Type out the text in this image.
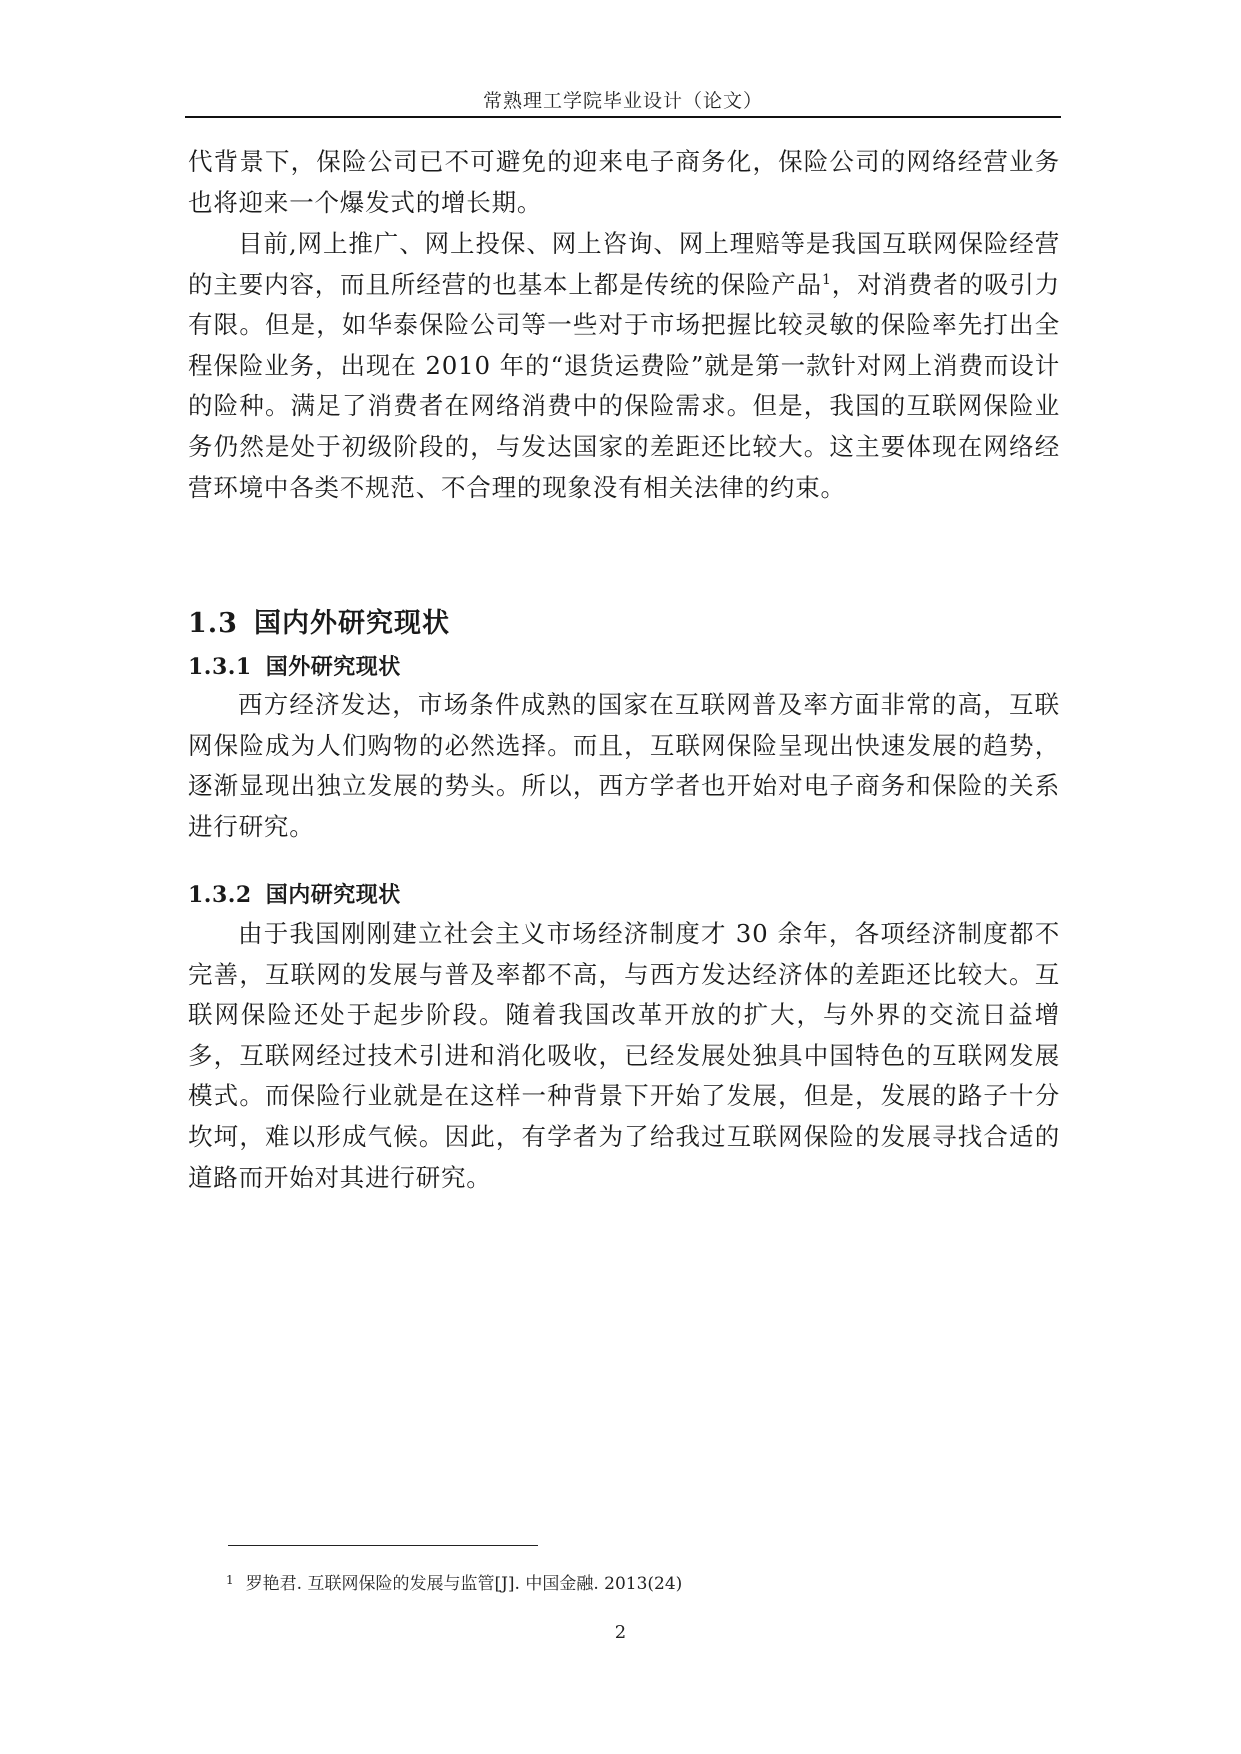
常熟理工学院毕业设计（论文）

代背景下，保险公司已不可避免的迎来电子商务化，保险公司的网络经营业务也将迎来一个爆发式的增长期。

目前,网上推广、网上投保、网上咨询、网上理赔等是我国互联网保险经营的主要内容，而且所经营的也基本上都是传统的保险产品$^1$，对消费者的吸引力有限。但是，如华泰保险公司等一些对于市场把握比较灵敏的保险率先打出全程保险业务，出现在 2010 年的“退货运费险”就是第一款针对网上消费而设计的险种。满足了消费者在网络消费中的保险需求。但是，我国的互联网保险业务仍然是处于初级阶段的，与发达国家的差距还比较大。这主要体现在网络经营环境中各类不规范、不合理的现象没有相关法律的约束。

1.3 国内外研究现状
1.3.1 国外研究现状

西方经济发达，市场条件成熟的国家在互联网普及率方面非常的高，互联网保险成为人们购物的必然选择。而且，互联网保险呈现出快速发展的趋势，逐渐显现出独立发展的势头。所以，西方学者也开始对电子商务和保险的关系进行研究。

1.3.2 国内研究现状

由于我国刚刚建立社会主义市场经济制度才 30 余年，各项经济制度都不完善，互联网的发展与普及率都不高，与西方发达经济体的差距还比较大。互联网保险还处于起步阶段。随着我国改革开放的扩大，与外界的交流日益增多，互联网经过技术引进和消化吸收，已经发展处独具中国特色的互联网发展模式。而保险行业就是在这样一种背景下开始了发展，但是，发展的路子十分坎坷，难以形成气候。因此，有学者为了给我过互联网保险的发展寻找合适的道路而开始对其进行研究。

$^1$ 罗艳君. 互联网保险的发展与监管[J]. 中国金融. 2013(24)
2
